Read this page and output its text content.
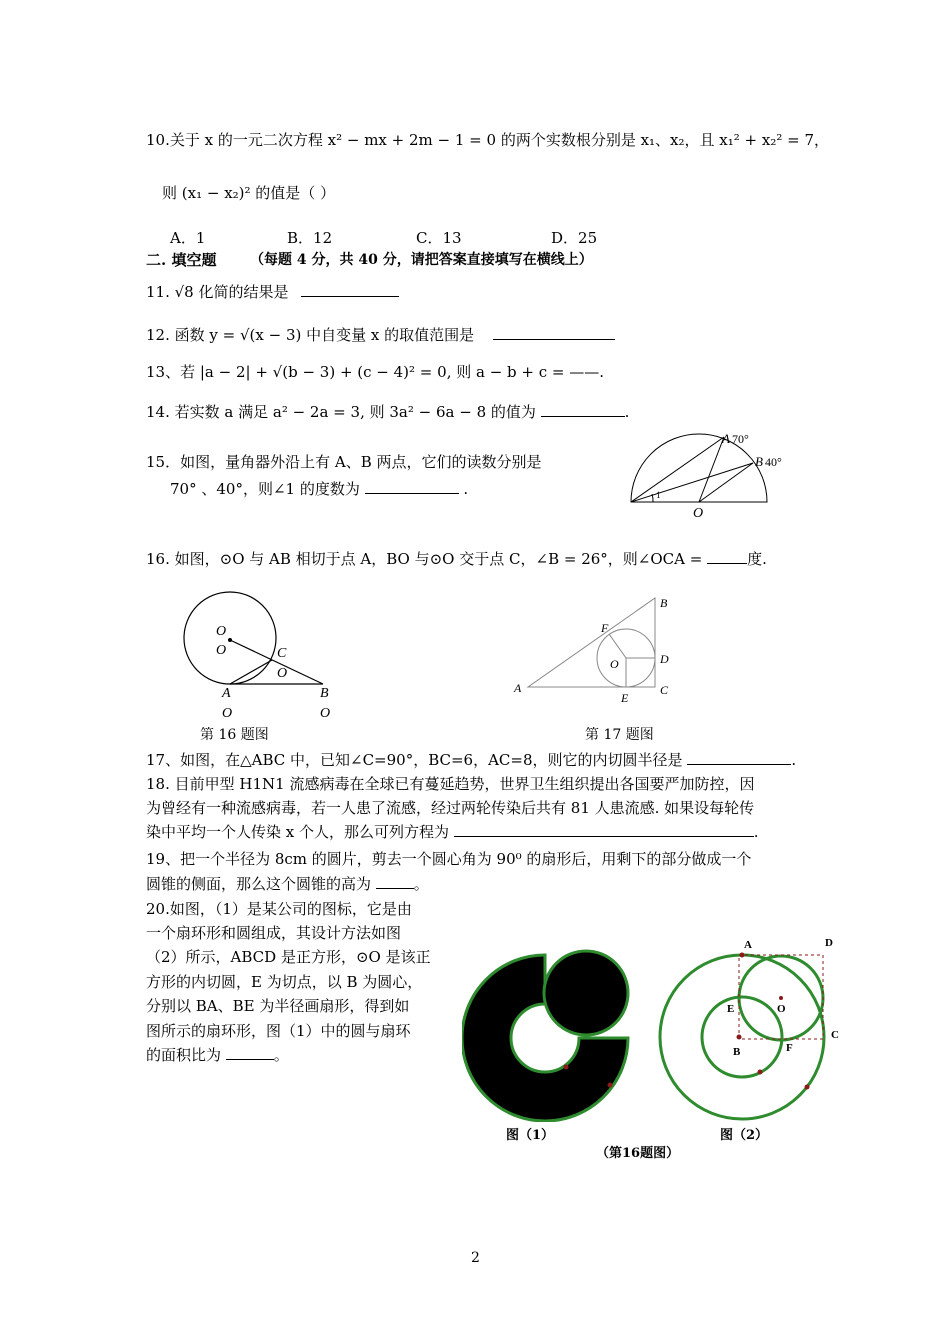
10.关于 x 的一元二次方程 x² − mx + 2m − 1 = 0 的两个实数根分别是 x₁、x₂，且 x₁² + x₂² = 7，
则 (x₁ − x₂)² 的值是（ ）
A．1	B．12	C．13	D．25
二. 填空题 （每题 4 分，共 40 分，请把答案直接填写在横线上）
11. √8 化简的结果是
12. 函数 y = √(x − 3) 中自变量 x 的取值范围是
13、若 |a − 2| + √(b − 3) + (c − 4)² = 0, 则 a − b + c = ——.
14. 若实数 a 满足 a² − 2a = 3, 则 3a² − 6a − 8 的值为	.
15．如图，量角器外沿上有 A、B 两点，它们的读数分别是
70° 、40°，则∠1 的度数为	.	1
A 70°
B 40°
O
16. 如图，⊙O 与 AB 相切于点 A，BO 与⊙O 交于点 C，∠B = 26°，则∠OCA =	度.
O
O	C
O
A
O
B
O
第 16 题图
B
F
D
O
A
E
C
第 17 题图
17、如图，在△ABC 中，已知∠C=90°，BC=6，AC=8，则它的内切圆半径是	.
18. 目前甲型 H1N1 流感病毒在全球已有蔓延趋势，世界卫生组织提出各国要严加防控，因
为曾经有一种流感病毒，若一人患了流感，经过两轮传染后共有 81 人患流感. 如果设每轮传
染中平均一个人传染 x 个人，那么可列方程为	.
19、把一个半径为 8cm 的圆片，剪去一个圆心角为 90⁰ 的扇形后，用剩下的部分做成一个
圆锥的侧面，那么这个圆锥的高为	。
20.如图，（1）是某公司的图标，它是由
一个扇环形和圆组成，其设计方法如图
（2）所示，ABCD 是正方形，⊙O 是该正
方形的内切圆，E 为切点，以 B 为圆心，
分别以 BA、BE 为半径画扇形，得到如
图所示的扇环形，图（1）中的圆与扇环
的面积比为	。
图（1）
A	D
E	O
C
B	F
图（2）
（第16题图）
2
